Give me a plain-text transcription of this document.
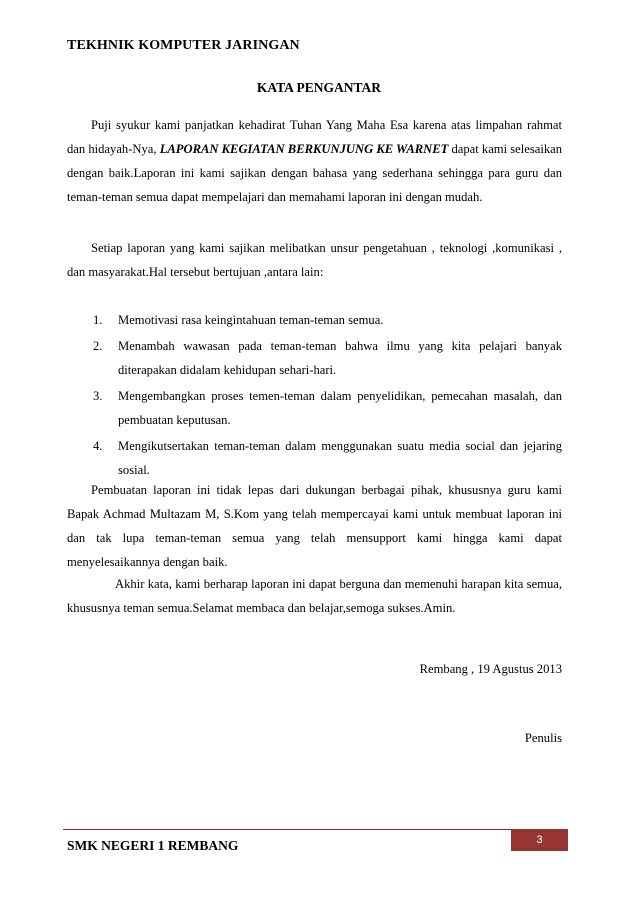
TEKHNIK KOMPUTER JARINGAN
KATA PENGANTAR

Puji syukur kami panjatkan kehadirat Tuhan Yang Maha Esa karena atas limpahan rahmat dan hidayah-Nya, LAPORAN KEGIATAN BERKUNJUNG KE WARNET dapat kami selesaikan dengan baik.Laporan ini kami sajikan dengan bahasa yang sederhana sehingga para guru dan teman-teman semua dapat mempelajari dan memahami laporan ini dengan mudah.

Setiap laporan yang kami sajikan melibatkan unsur pengetahuan , teknologi ,komunikasi , dan masyarakat.Hal tersebut bertujuan ,antara lain:

1. Memotivasi rasa keingintahuan teman-teman semua.
2. Menambah wawasan pada teman-teman bahwa ilmu yang kita pelajari banyak diterapakan didalam kehidupan sehari-hari.
3. Mengembangkan proses temen-teman dalam penyelidikan, pemecahan masalah, dan pembuatan keputusan.
4. Mengikutsertakan teman-teman dalam menggunakan suatu media social dan jejaring sosial.

Pembuatan laporan ini tidak lepas dari dukungan berbagai pihak, khususnya guru kami Bapak Achmad Multazam M, S.Kom yang telah mempercayai kami untuk membuat laporan ini dan tak lupa teman-teman semua yang telah mensupport kami hingga kami dapat menyelesaikannya dengan baik.

Akhir kata, kami berharap laporan ini dapat berguna dan memenuhi harapan kita semua, khususnya teman semua.Selamat membaca dan belajar,semoga sukses.Amin.

Rembang , 19 Agustus 2013
Penulis
SMK NEGERI 1 REMBANG	3
